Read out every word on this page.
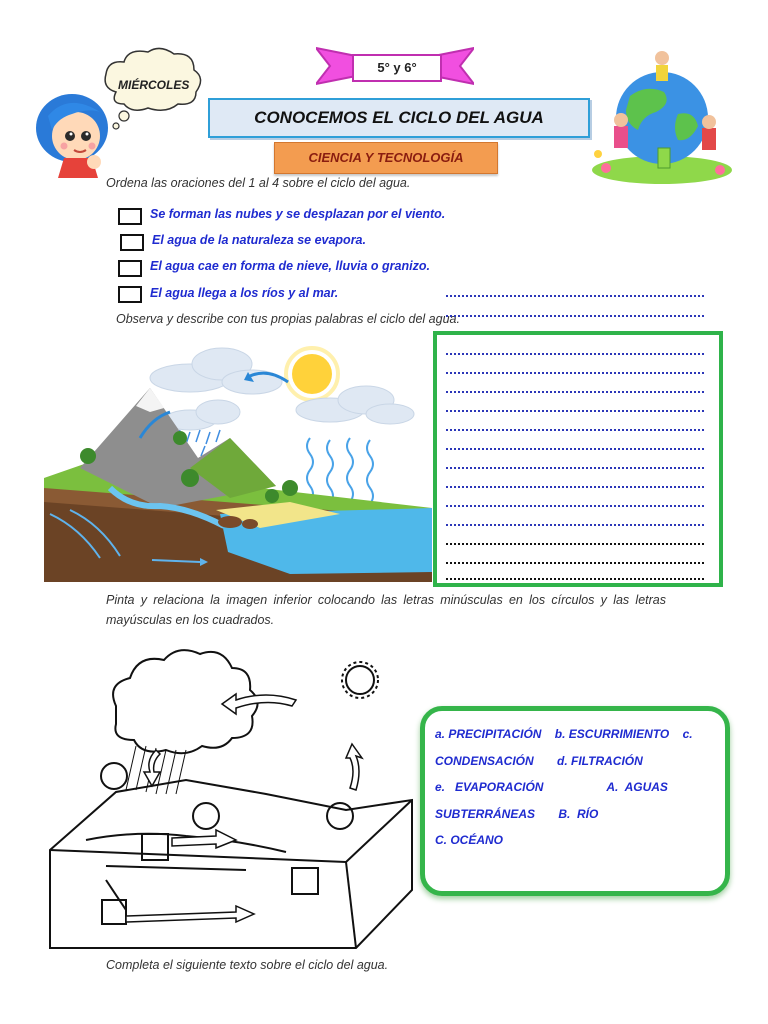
5° y 6°
MIÉRCOLES
CONOCEMOS EL CICLO DEL AGUA
CIENCIA Y TECNOLOGÍA
Ordena las oraciones del 1 al 4 sobre el ciclo del agua.
Se forman las nubes y se desplazan por el viento.
El agua de la naturaleza se evapora.
El agua cae en forma de nieve, lluvia o granizo.
El agua llega a los ríos y al mar.
Observa y describe con tus propias palabras el ciclo del agua.
Pinta y relaciona la imagen inferior colocando las letras minúsculas en los círculos y las letras mayúsculas en los cuadrados.
a. PRECIPITACIÓN    b. ESCURRIMIENTO    c.
CONDENSACIÓN       d. FILTRACIÓN
e.   EVAPORACIÓN                   A.  AGUAS
SUBTERRÁNEAS       B.  RÍO
C. OCÉANO
Completa el siguiente texto sobre el ciclo del agua.
